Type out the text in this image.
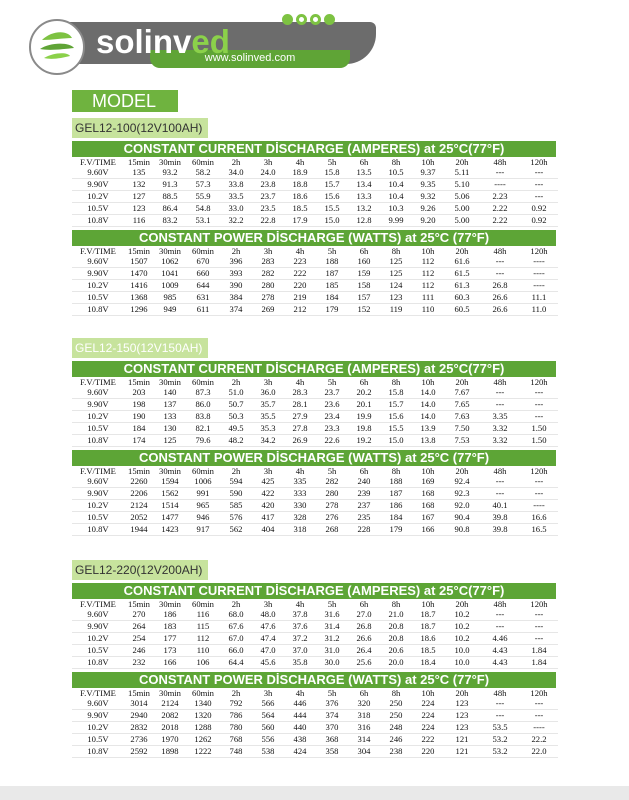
solinved
www.solinved.com
MODEL
GEL12-100(12V100AH)
CONSTANT CURRENT DİSCHARGE (AMPERES) at 25°C(77°F)
F.V/TIME	15min	30min	60min	2h	3h	4h	5h	6h	8h	10h	20h	48h	120h
9.60V	135	93.2	58.2	34.0	24.0	18.9	15.8	13.5	10.5	9.37	5.11	---	---
9.90V	132	91.3	57.3	33.8	23.8	18.8	15.7	13.4	10.4	9.35	5.10	----	---
10.2V	127	88.5	55.9	33.5	23.7	18.6	15.6	13.3	10.4	9.32	5.06	2.23	---
10.5V	123	86.4	54.8	33.0	23.5	18.5	15.5	13.2	10.3	9.26	5.00	2.22	0.92
10.8V	116	83.2	53.1	32.2	22.8	17.9	15.0	12.8	9.99	9.20	5.00	2.22	0.92
CONSTANT POWER DİSCHARGE (WATTS) at 25°C (77°F)
F.V/TIME	15min	30min	60min	2h	3h	4h	5h	6h	8h	10h	20h	48h	120h
9.60V	1507	1062	670	396	283	223	188	160	125	112	61.6	---	----
9.90V	1470	1041	660	393	282	222	187	159	125	112	61.5	---	----
10.2V	1416	1009	644	390	280	220	185	158	124	112	61.3	26.8	----
10.5V	1368	985	631	384	278	219	184	157	123	111	60.3	26.6	11.1
10.8V	1296	949	611	374	269	212	179	152	119	110	60.5	26.6	11.0
GEL12-150(12V150AH)
CONSTANT CURRENT DİSCHARGE (AMPERES) at 25°C(77°F)
F.V/TIME	15min	30min	60min	2h	3h	4h	5h	6h	8h	10h	20h	48h	120h
9.60V	203	140	87.3	51.0	36.0	28.3	23.7	20.2	15.8	14.0	7.67	---	---
9.90V	198	137	86.0	50.7	35.7	28.1	23.6	20.1	15.7	14.0	7.65	---	---
10.2V	190	133	83.8	50.3	35.5	27.9	23.4	19.9	15.6	14.0	7.63	3.35	---
10.5V	184	130	82.1	49.5	35.3	27.8	23.3	19.8	15.5	13.9	7.50	3.32	1.50
10.8V	174	125	79.6	48.2	34.2	26.9	22.6	19.2	15.0	13.8	7.53	3.32	1.50
CONSTANT POWER DİSCHARGE (WATTS) at 25°C (77°F)
F.V/TIME	15min	30min	60min	2h	3h	4h	5h	6h	8h	10h	20h	48h	120h
9.60V	2260	1594	1006	594	425	335	282	240	188	169	92.4	---	---
9.90V	2206	1562	991	590	422	333	280	239	187	168	92.3	---	---
10.2V	2124	1514	965	585	420	330	278	237	186	168	92.0	40.1	----
10.5V	2052	1477	946	576	417	328	276	235	184	167	90.4	39.8	16.6
10.8V	1944	1423	917	562	404	318	268	228	179	166	90.8	39.8	16.5
GEL12-220(12V200AH)
CONSTANT CURRENT DİSCHARGE (AMPERES) at 25°C(77°F)
F.V/TIME	15min	30min	60min	2h	3h	4h	5h	6h	8h	10h	20h	48h	120h
9.60V	270	186	116	68.0	48.0	37.8	31.6	27.0	21.0	18.7	10.2	---	---
9.90V	264	183	115	67.6	47.6	37.6	31.4	26.8	20.8	18.7	10.2	---	---
10.2V	254	177	112	67.0	47.4	37.2	31.2	26.6	20.8	18.6	10.2	4.46	---
10.5V	246	173	110	66.0	47.0	37.0	31.0	26.4	20.6	18.5	10.0	4.43	1.84
10.8V	232	166	106	64.4	45.6	35.8	30.0	25.6	20.0	18.4	10.0	4.43	1.84
CONSTANT POWER DİSCHARGE (WATTS) at 25°C (77°F)
F.V/TIME	15min	30min	60min	2h	3h	4h	5h	6h	8h	10h	20h	48h	120h
9.60V	3014	2124	1340	792	566	446	376	320	250	224	123	---	---
9.90V	2940	2082	1320	786	564	444	374	318	250	224	123	---	---
10.2V	2832	2018	1288	780	560	440	370	316	248	224	123	53.5	----
10.5V	2736	1970	1262	768	556	438	368	314	246	222	121	53.2	22.2
10.8V	2592	1898	1222	748	538	424	358	304	238	220	121	53.2	22.0
